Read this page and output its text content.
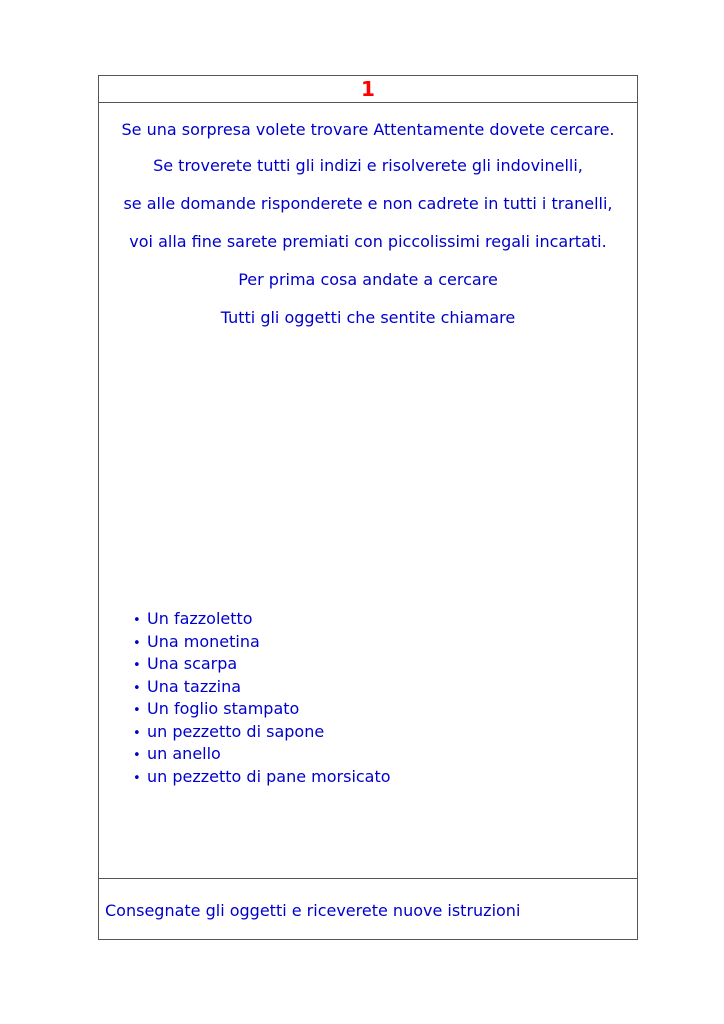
1
Se una sorpresa volete trovare Attentamente dovete cercare.
Se troverete tutti gli indizi e risolverete gli indovinelli,
se alle domande risponderete e non cadrete in tutti i tranelli,
voi alla fine sarete premiati con piccolissimi regali incartati.
Per prima cosa andate a cercare
Tutti gli oggetti che sentite chiamare
• Un fazzoletto
• Una monetina
• Una scarpa
• Una tazzina
• Un foglio stampato
• un pezzetto di sapone
• un anello
• un pezzetto di pane morsicato
Consegnate gli oggetti e riceverete nuove istruzioni
